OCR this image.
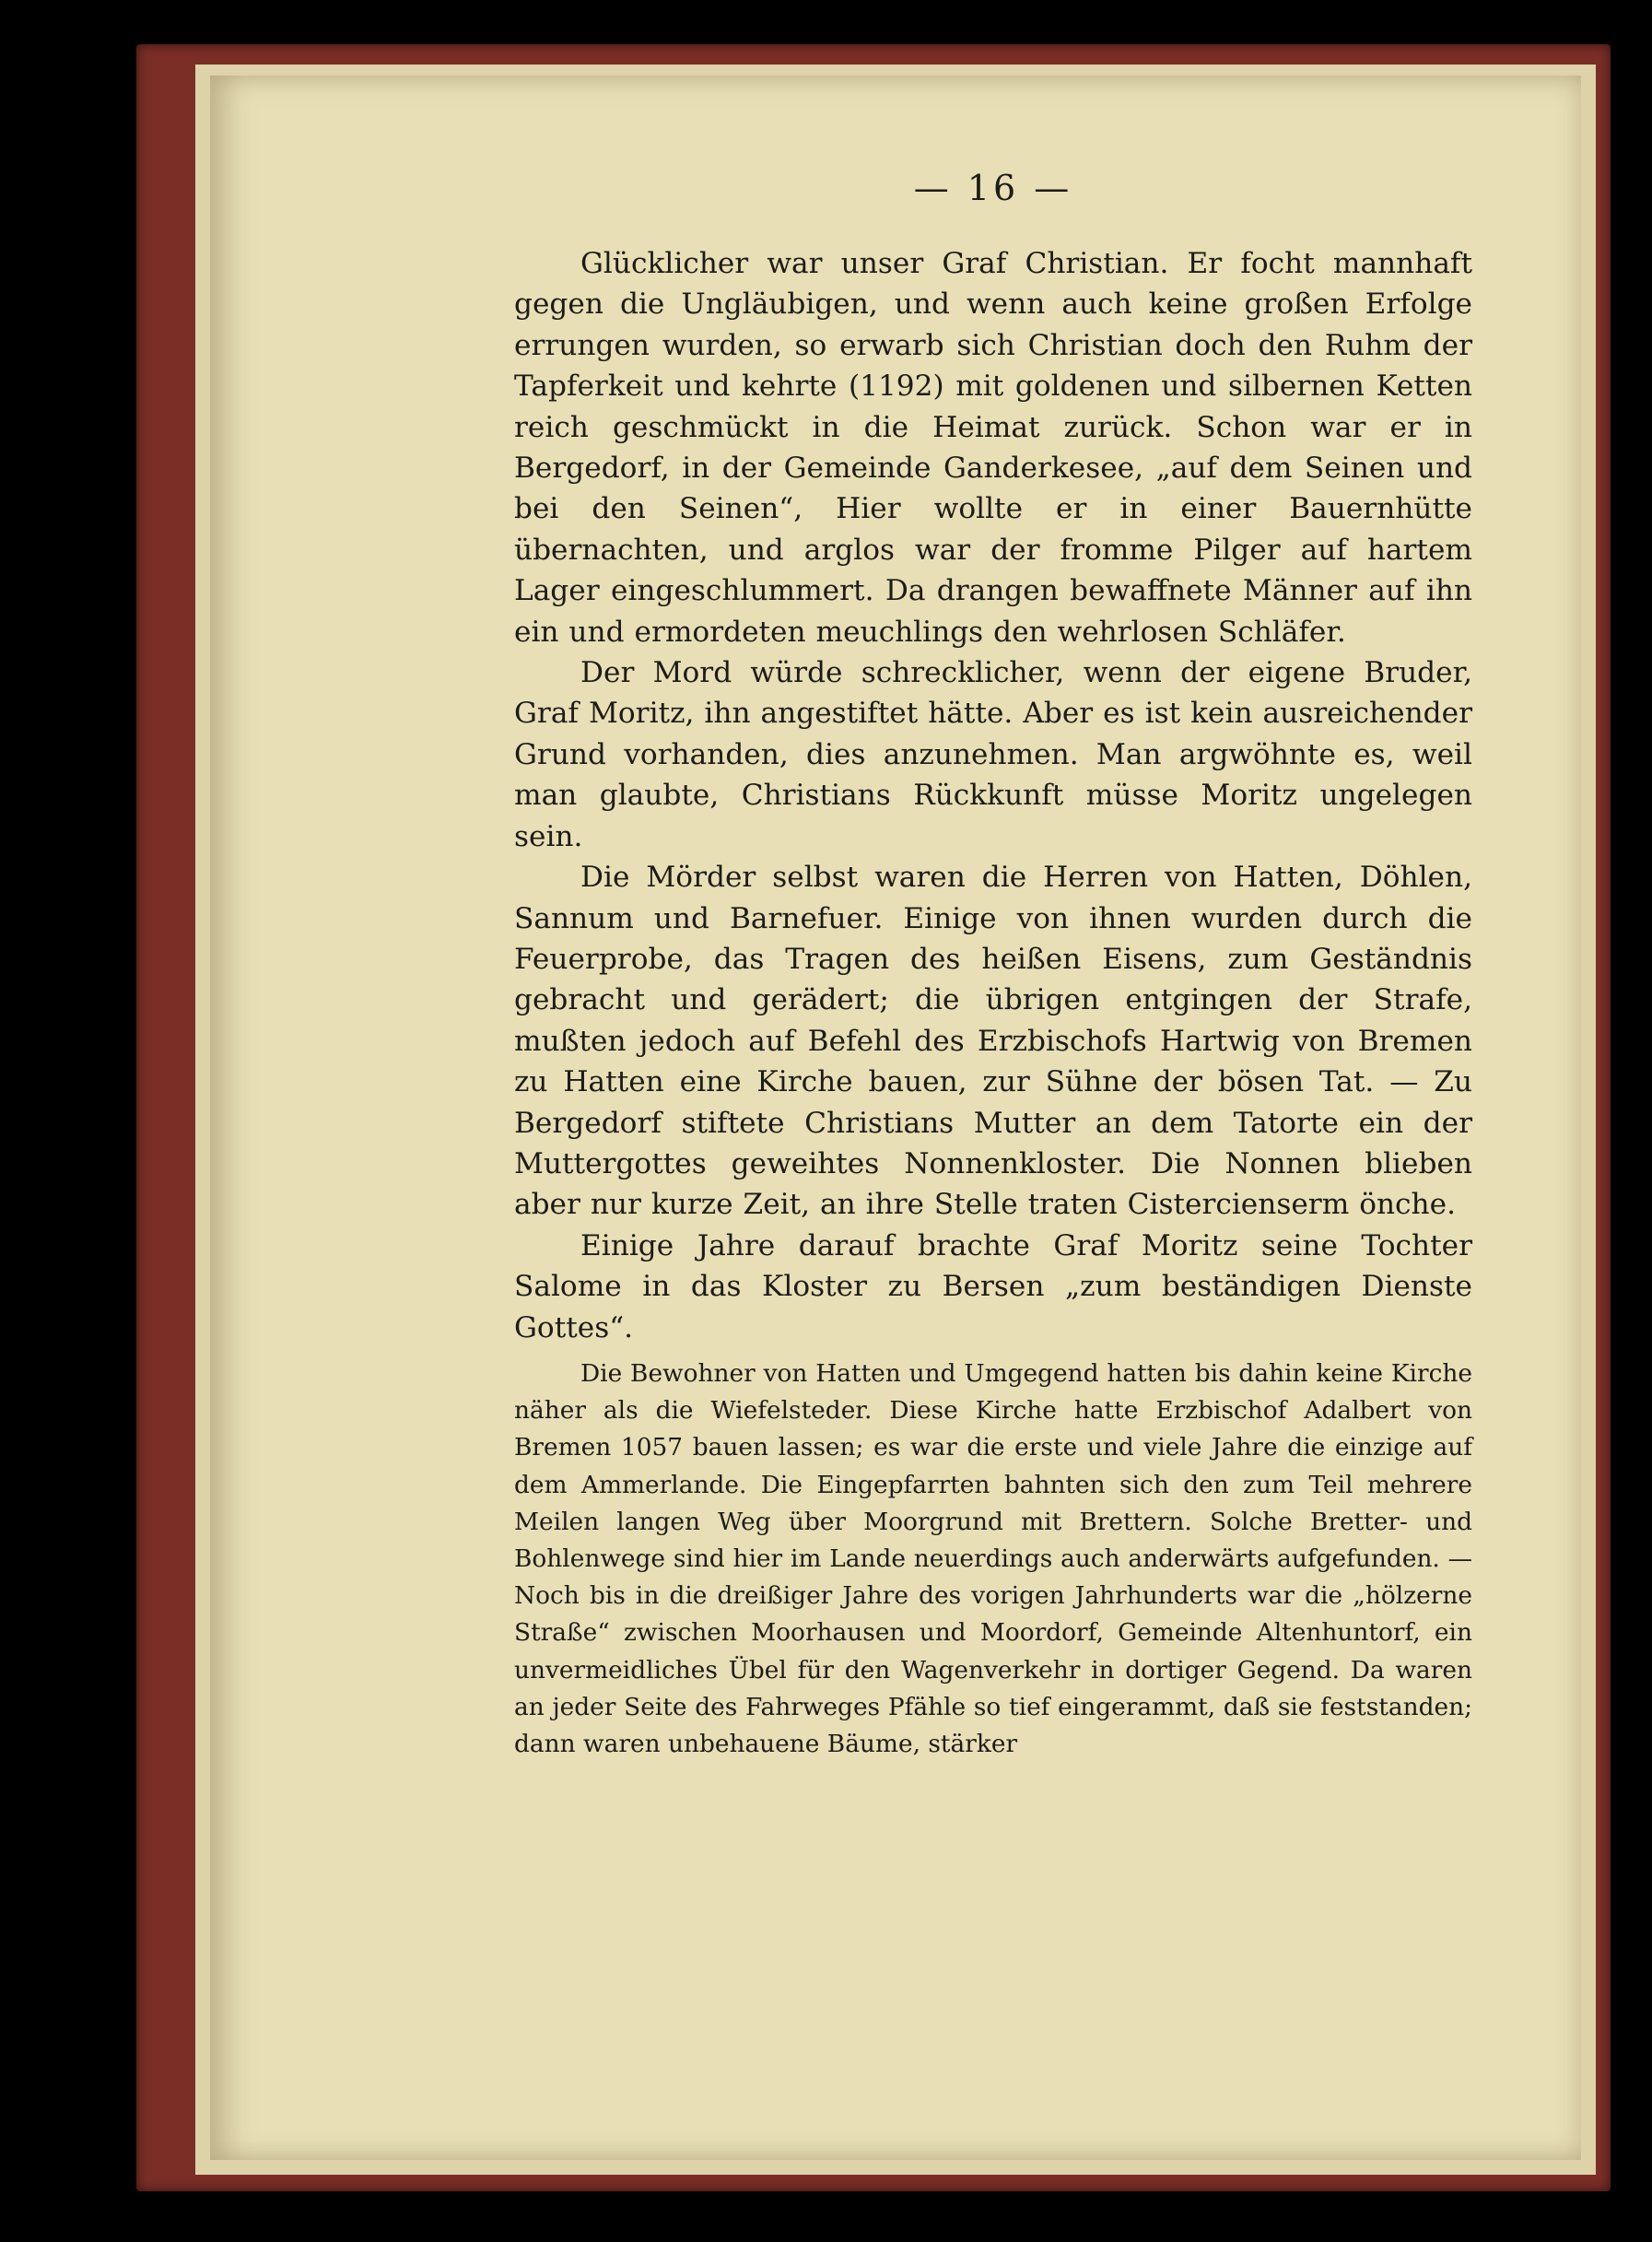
— 16 —

Glücklicher war unser Graf Christian. Er focht mannhaft gegen die Ungläubigen, und wenn auch keine großen Erfolge errungen wurden, so erwarb sich Christian doch den Ruhm der Tapferkeit und kehrte (1192) mit goldenen und silbernen Ketten reich geschmückt in die Heimat zurück. Schon war er in Bergedorf, in der Gemeinde Ganderkesee, „auf dem Seinen und bei den Seinen“, Hier wollte er in einer Bauernhütte übernachten, und arglos war der fromme Pilger auf hartem Lager eingeschlummert. Da drangen bewaffnete Männer auf ihn ein und ermordeten meuchlings den wehrlosen Schläfer.

Der Mord würde schrecklicher, wenn der eigene Bruder, Graf Moritz, ihn angestiftet hätte. Aber es ist kein ausreichender Grund vorhanden, dies anzunehmen. Man argwöhnte es, weil man glaubte, Christians Rückkunft müsse Moritz ungelegen sein.

Die Mörder selbst waren die Herren von Hatten, Döhlen, Sannum und Barnefuer. Einige von ihnen wurden durch die Feuerprobe, das Tragen des heißen Eisens, zum Geständnis gebracht und gerädert; die übrigen entgingen der Strafe, mußten jedoch auf Befehl des Erzbischofs Hartwig von Bremen zu Hatten eine Kirche bauen, zur Sühne der bösen Tat. — Zu Bergedorf stiftete Christians Mutter an dem Tatorte ein der Muttergottes geweihtes Nonnenkloster. Die Nonnen blieben aber nur kurze Zeit, an ihre Stelle traten Cistercienserm önche.

Einige Jahre darauf brachte Graf Moritz seine Tochter Salome in das Kloster zu Bersen „zum beständigen Dienste Gottes“.

Die Bewohner von Hatten und Umgegend hatten bis dahin keine Kirche näher als die Wiefelsteder. Diese Kirche hatte Erzbischof Adalbert von Bremen 1057 bauen lassen; es war die erste und viele Jahre die einzige auf dem Ammerlande. Die Eingepfarrten bahnten sich den zum Teil mehrere Meilen langen Weg über Moorgrund mit Brettern. Solche Bretter- und Bohlenwege sind hier im Lande neuerdings auch anderwärts aufgefunden. — Noch bis in die dreißiger Jahre des vorigen Jahrhunderts war die „hölzerne Straße“ zwischen Moorhausen und Moordorf, Gemeinde Altenhuntorf, ein unvermeidliches Übel für den Wagenverkehr in dortiger Gegend. Da waren an jeder Seite des Fahrweges Pfähle so tief eingerammt, daß sie feststanden; dann waren unbehauene Bäume, stärker
